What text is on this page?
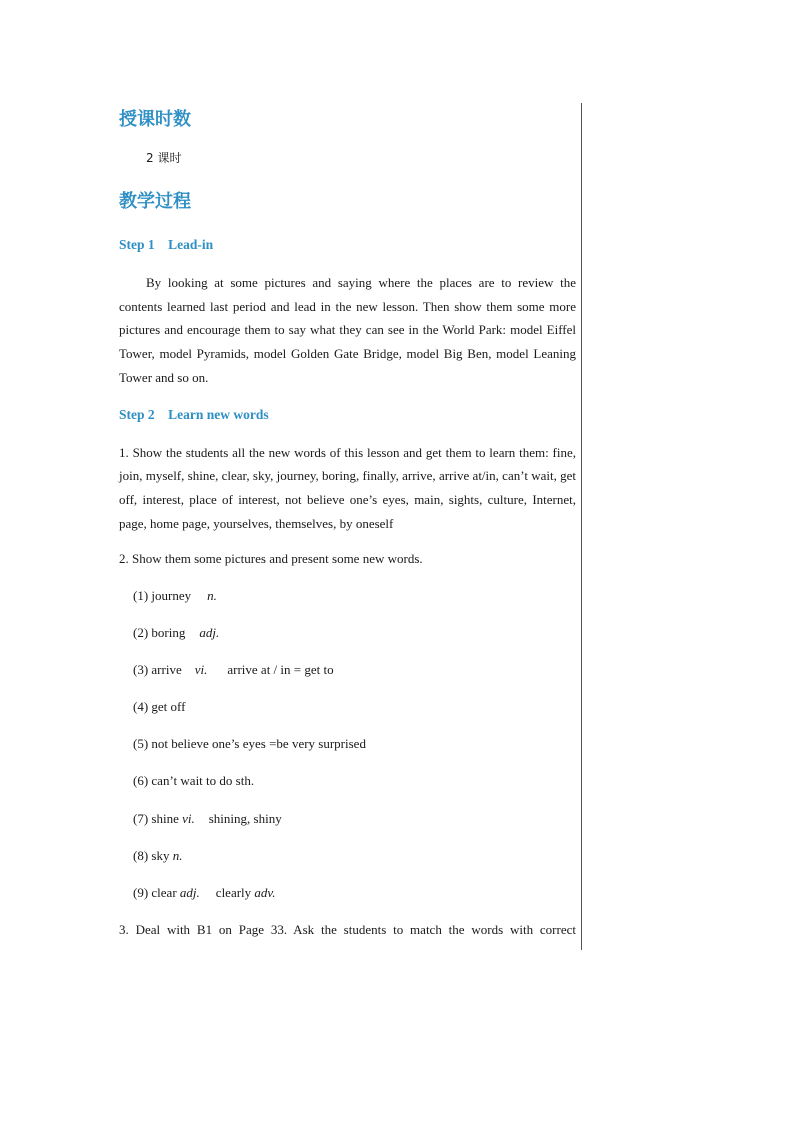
授课时数

2 课时

教学过程
Step 1    Lead-in

By looking at some pictures and saying where the places are to review the contents learned last period and lead in the new lesson. Then show them some more pictures and encourage them to say what they can see in the World Park: model Eiffel Tower, model Pyramids, model Golden Gate Bridge, model Big Ben, model Leaning Tower and so on.

Step 2    Learn new words

1. Show the students all the new words of this lesson and get them to learn them: fine, join, myself, shine, clear, sky, journey, boring, finally, arrive, arrive at/in, can’t wait, get off, interest, place of interest, not believe one’s eyes, main, sights, culture, Internet, page, home page, yourselves, themselves, by oneself

2. Show them some pictures and present some new words.

(1) journey n.

(2) boring adj.

(3) arrive vi. arrive at / in = get to

(4) get off

(5) not believe one’s eyes =be very surprised

(6) can’t wait to do sth.

(7) shine vi. shining, shiny

(8) sky n.

(9) clear adj. clearly adv.

3. Deal with B1 on Page 33. Ask the students to match the words with correct
